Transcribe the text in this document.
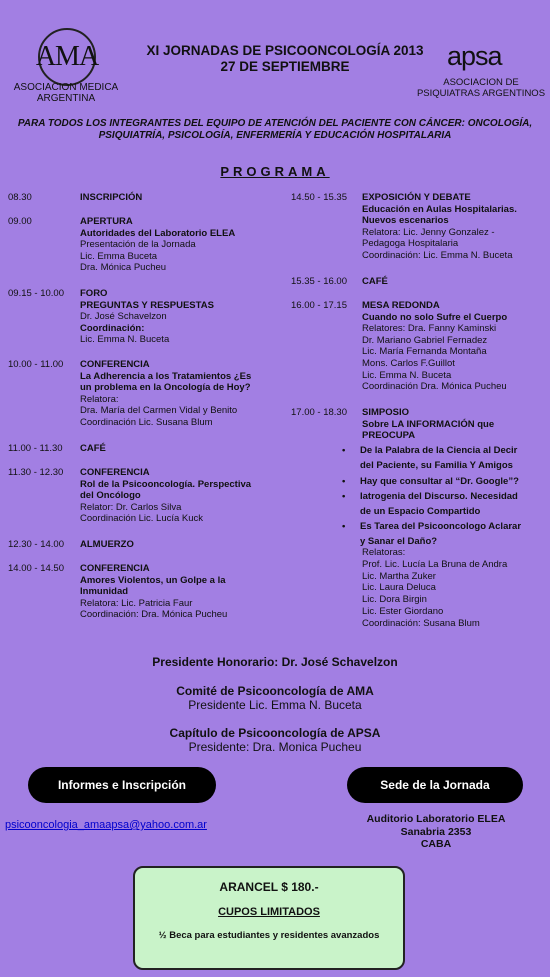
AMA
ASOCIACION MEDICA
ARGENTINA
XI JORNADAS DE PSICOONCOLOGÍA 2013
27 DE SEPTIEMBRE	apsa
ASOCIACION DE
PSIQUIATRAS ARGENTINOS
PARA TODOS LOS INTEGRANTES DEL EQUIPO DE ATENCIÓN DEL PACIENTE CON CÁNCER: ONCOLOGÍA,
PSIQUIATRÍA, PSICOLOGÍA, ENFERMERÍA Y EDUCACIÓN HOSPITALARIA
PROGRAMA
08.30	INSCRIPCIÓN
09.00	APERTURA
Autoridades del Laboratorio ELEA
Presentación de la Jornada
Lic. Emma Buceta
Dra. Mónica Pucheu
09.15 - 10.00 FORO
PREGUNTAS Y RESPUESTAS
Dr. José Schavelzon
Coordinación:
Lic. Emma N. Buceta
10.00 - 11.00 CONFERENCIA
La Adherencia a los Tratamientos ¿Es
un problema en la Oncología de Hoy?
Relatora:
Dra. María del Carmen Vidal y Benito
Coordinación Lic. Susana Blum
11.00 - 11.30 CAFÉ
11.30 - 12.30 CONFERENCIA
Rol de la Psicooncología. Perspectiva
del Oncólogo
Relator: Dr. Carlos Silva
Coordinación Lic. Lucía Kuck
12.30 - 14.00 ALMUERZO
14.00 - 14.50 CONFERENCIA
Amores Violentos, un Golpe a la
Inmunidad
Relatora: Lic. Patricia Faur
Coordinación: Dra. Mónica Pucheu
14.50 - 15.35 EXPOSICIÓN Y DEBATE
Educación en Aulas Hospitalarias.
Nuevos escenarios
Relatora: Lic. Jenny Gonzalez -
Pedagoga Hospitalaria
Coordinación: Lic. Emma N. Buceta
15.35 - 16.00 CAFÉ
16.00 - 17.15 MESA REDONDA
Cuando no solo Sufre el Cuerpo
Relatores: Dra. Fanny Kaminski
Dr. Mariano Gabriel Fernadez
Lic. María Fernanda Montaña
Mons. Carlos F.Guillot
Lic. Emma N. Buceta
Coordinación Dra. Mónica Pucheu
17.00 - 18.30 SIMPOSIO
Sobre LA INFORMACIÓN que
PREOCUPA
• De la Palabra de la Ciencia al Decir
del Paciente, su Familia Y Amigos
• Hay que consultar al “Dr. Google”?
• Iatrogenia del Discurso. Necesidad
de un Espacio Compartido
• Es Tarea del Psicooncologo Aclarar
y Sanar el Daño?
Relatoras:
Prof. Lic. Lucía La Bruna de Andra
Lic. Martha Zuker
Lic. Laura Deluca
Lic. Dora Birgin
Lic. Ester Giordano
Coordinación: Susana Blum
Presidente Honorario: Dr. José Schavelzon
Comité de Psicooncología de AMA
Presidente Lic. Emma N. Buceta
Capítulo de Psicooncología de APSA
Presidente: Dra. Monica Pucheu
Informes e Inscripción	Sede de la Jornada
psicooncologia_amaapsa@yahoo.com.ar	Auditorio Laboratorio ELEA
Sanabria 2353
CABA
ARANCEL $ 180.-
CUPOS LIMITADOS
½ Beca para estudiantes y residentes avanzados
